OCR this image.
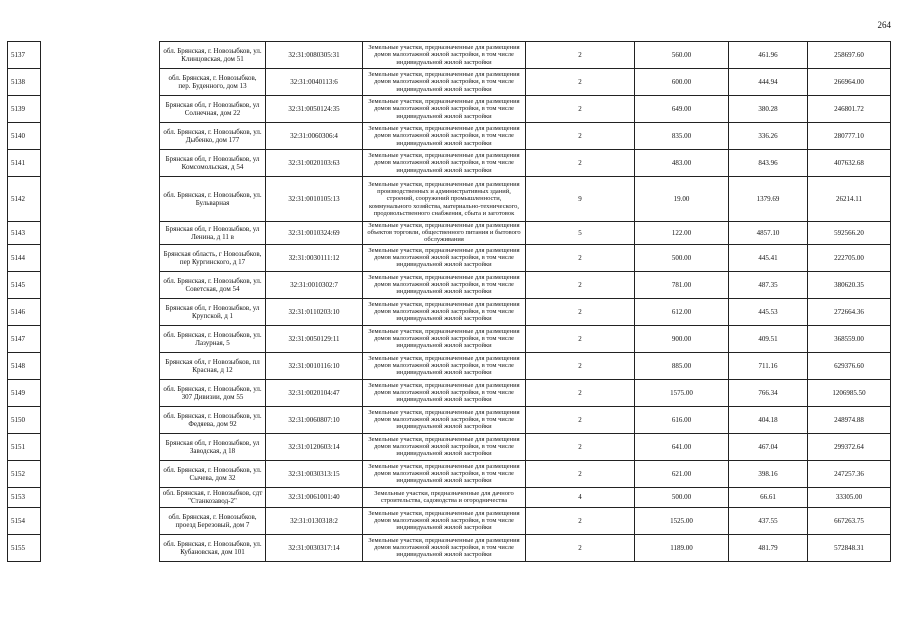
264
5137		обл. Брянская, г. Новозыбков, ул. Клинцовская, дом 51	32:31:0080305:31	Земельные участки, предназначенные для размещения домов малоэтажной жилой застройки, в том числе индивидуальной жилой застройки	2	560.00	461.96	258697.60
5138		обл. Брянская, г. Новозыбков, пер. Буденного, дом 13	32:31:0040113:6	Земельные участки, предназначенные для размещения домов малоэтажной жилой застройки, в том числе индивидуальной жилой застройки	2	600.00	444.94	266964.00
5139		Брянская обл, г Новозыбков, ул Солнечная, дом 22	32:31:0050124:35	Земельные участки, предназначенные для размещения домов малоэтажной жилой застройки, в том числе индивидуальной жилой застройки	2	649.00	380.28	246801.72
5140		обл. Брянская, г. Новозыбков, ул. Дыбенко, дом 177	32:31:0060306:4	Земельные участки, предназначенные для размещения домов малоэтажной жилой застройки, в том числе индивидуальной жилой застройки	2	835.00	336.26	280777.10
5141		Брянская обл, г Новозыбков, ул Комсомольская, д 54	32:31:0020103:63	Земельные участки, предназначенные для размещения домов малоэтажной жилой застройки, в том числе индивидуальной жилой застройки	2	483.00	843.96	407632.68
5142		обл. Брянская, г. Новозыбков, ул. Бульварная	32:31:0010105:13	Земельные участки, предназначенные для размещения производственных и административных зданий, строений, сооружений промышленности, коммунального хозяйства, материально-технического, продовольственного снабжения, сбыта и заготовок	9	19.00	1379.69	26214.11
5143		Брянская обл, г Новозыбков, ул Ленина, д 11 в	32:31:0010324:69	Земельные участки, предназначенные для размещения объектов торговли, общественного питания и бытового обслуживания	5	122.00	4857.10	592566.20
5144		Брянская область, г Новозыбков, пер Кургинского, д 17	32:31:0030111:12	Земельные участки, предназначенные для размещения домов малоэтажной жилой застройки, в том числе индивидуальной жилой застройки	2	500.00	445.41	222705.00
5145		обл. Брянская, г. Новозыбков, ул. Советская, дом 54	32:31:0010302:7	Земельные участки, предназначенные для размещения домов малоэтажной жилой застройки, в том числе индивидуальной жилой застройки	2	781.00	487.35	380620.35
5146		Брянская обл, г Новозыбков, ул Крупской, д 1	32:31:0110203:10	Земельные участки, предназначенные для размещения домов малоэтажной жилой застройки, в том числе индивидуальной жилой застройки	2	612.00	445.53	272664.36
5147		обл. Брянская, г. Новозыбков, ул. Лазурная, 5	32:31:0050129:11	Земельные участки, предназначенные для размещения домов малоэтажной жилой застройки, в том числе индивидуальной жилой застройки	2	900.00	409.51	368559.00
5148		Брянская обл, г Новозыбков, пл Красная, д 12	32:31:0010116:10	Земельные участки, предназначенные для размещения домов малоэтажной жилой застройки, в том числе индивидуальной жилой застройки	2	885.00	711.16	629376.60
5149		обл. Брянская, г. Новозыбков, ул. 307 Дивизии, дом 55	32:31:0020104:47	Земельные участки, предназначенные для размещения домов малоэтажной жилой застройки, в том числе индивидуальной жилой застройки	2	1575.00	766.34	1206985.50
5150		обл. Брянская, г. Новозыбков, ул. Федяева, дом 92	32:31:0060807:10	Земельные участки, предназначенные для размещения домов малоэтажной жилой застройки, в том числе индивидуальной жилой застройки	2	616.00	404.18	248974.88
5151		Брянская обл, г Новозыбков, ул Заводская, д 18	32:31:0120603:14	Земельные участки, предназначенные для размещения домов малоэтажной жилой застройки, в том числе индивидуальной жилой застройки	2	641.00	467.04	299372.64
5152		обл. Брянская, г. Новозыбков, ул. Сычева, дом 32	32:31:0030313:15	Земельные участки, предназначенные для размещения домов малоэтажной жилой застройки, в том числе индивидуальной жилой застройки	2	621.00	398.16	247257.36
5153		обл. Брянская, г. Новозыбков, сдт "Станкозавод-2"	32:31:0061001:40	Земельные участки, предназначенные для дачного строительства, садоводства и огородничества	4	500.00	66.61	33305.00
5154		обл. Брянская, г. Новозыбков, проезд Березовый, дом 7	32:31:0130318:2	Земельные участки, предназначенные для размещения домов малоэтажной жилой застройки, в том числе индивидуальной жилой застройки	2	1525.00	437.55	667263.75
5155		обл. Брянская, г. Новозыбков, ул. Кубановская, дом 101	32:31:0030317:14	Земельные участки, предназначенные для размещения домов малоэтажной жилой застройки, в том числе индивидуальной жилой застройки	2	1189.00	481.79	572848.31
